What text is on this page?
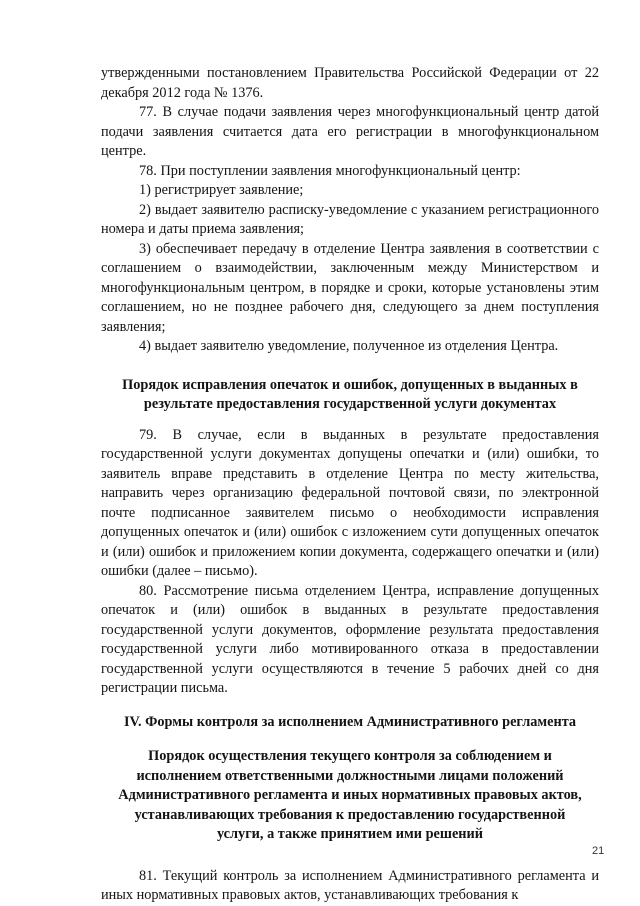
утвержденными постановлением Правительства Российской Федерации от 22 декабря 2012 года № 1376.

77. В случае подачи заявления через многофункциональный центр датой подачи заявления считается дата его регистрации в многофункциональном центре.

78. При поступлении заявления многофункциональный центр:

1) регистрирует заявление;

2) выдает заявителю расписку-уведомление с указанием регистрационного номера и даты приема заявления;

3) обеспечивает передачу в отделение Центра заявления в соответствии с соглашением о взаимодействии, заключенным между Министерством и многофункциональным центром, в порядке и сроки, которые установлены этим соглашением, но не позднее рабочего дня, следующего за днем поступления заявления;

4) выдает заявителю уведомление, полученное из отделения Центра.

Порядок исправления опечаток и ошибок, допущенных в выданных в
результате предоставления государственной услуги документах

79. В случае, если в выданных в результате предоставления государственной услуги документах допущены опечатки и (или) ошибки, то заявитель вправе представить в отделение Центра по месту жительства, направить через организацию федеральной почтовой связи, по электронной почте подписанное заявителем письмо о необходимости исправления допущенных опечаток и (или) ошибок с изложением сути допущенных опечаток и (или) ошибок и приложением копии документа, содержащего опечатки и (или) ошибки (далее – письмо).

80. Рассмотрение письма отделением Центра, исправление допущенных опечаток и (или) ошибок в выданных в результате предоставления государственной услуги документов, оформление результата предоставления государственной услуги либо мотивированного отказа в предоставлении государственной услуги осуществляются в течение 5 рабочих дней со дня регистрации письма.

IV. Формы контроля за исполнением Административного регламента
Порядок осуществления текущего контроля за соблюдением и
исполнением ответственными должностными лицами положений
Административного регламента и иных нормативных правовых актов,
устанавливающих требования к предоставлению государственной
услуги, а также принятием ими решений

81. Текущий контроль за исполнением Административного регламента и иных нормативных правовых актов, устанавливающих требования к

21
